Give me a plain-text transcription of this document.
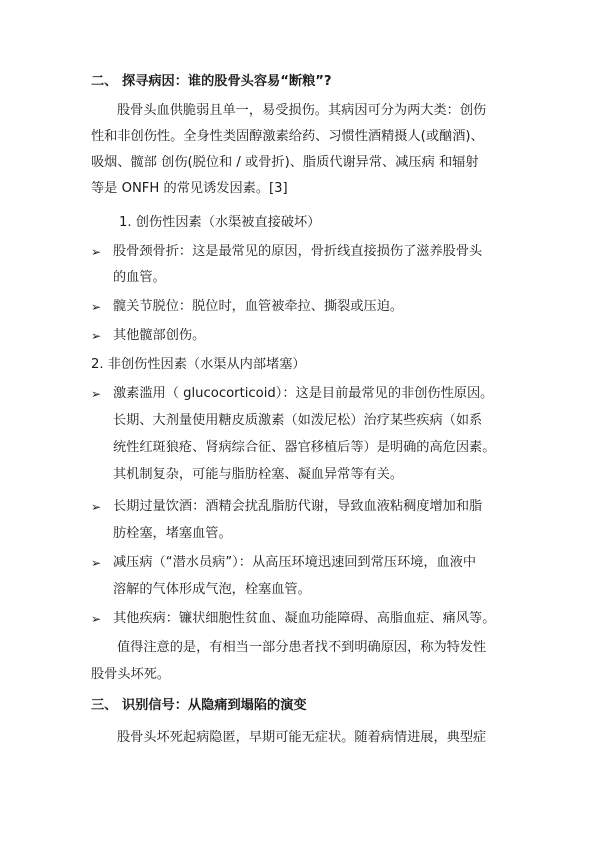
二、 探寻病因：谁的股骨头容易“断粮”?
股骨头血供脆弱且单一，易受损伤。其病因可分为两大类：创伤
性和非创伤性。全身性类固醇激素给药、习惯性酒精摄人(或酗酒)、
吸烟、髋部 创伤(脱位和 / 或骨折)、脂质代谢异常、减压病 和辐射
等是 ONFH 的常见诱发因素。[3]
1. 创伤性因素（水渠被直接破坏）
➢ 股骨颈骨折：这是最常见的原因，骨折线直接损伤了滋养股骨头
的血管。
➢ 髋关节脱位：脱位时，血管被牵拉、撕裂或压迫。
➢ 其他髋部创伤。
2. 非创伤性因素（水渠从内部堵塞）
➢ 激素滥用（ glucocorticoid）：这是目前最常见的非创伤性原因。
长期、大剂量使用糖皮质激素（如泼尼松）治疗某些疾病（如系
统性红斑狼疮、肾病综合征、器官移植后等）是明确的高危因素。
其机制复杂，可能与脂肪栓塞、凝血异常等有关。
➢ 长期过量饮酒：酒精会扰乱脂肪代谢，导致血液粘稠度增加和脂
肪栓塞，堵塞血管。
➢ 减压病（“潜水员病”）：从高压环境迅速回到常压环境，血液中
溶解的气体形成气泡，栓塞血管。
➢ 其他疾病：镰状细胞性贫血、凝血功能障碍、高脂血症、痛风等。
值得注意的是，有相当一部分患者找不到明确原因，称为特发性
股骨头坏死。
三、 识别信号：从隐痛到塌陷的演变
股骨头坏死起病隐匿，早期可能无症状。随着病情进展，典型症
